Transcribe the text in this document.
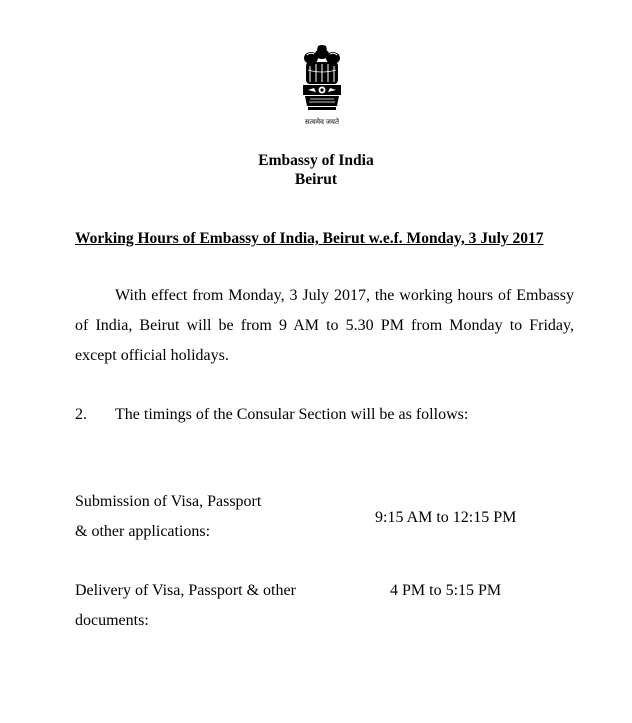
सत्यमेव जयते
Embassy of India
Beirut
Working Hours of Embassy of India, Beirut w.e.f. Monday, 3 July 2017

With effect from Monday, 3 July 2017, the working hours of Embassy of India, Beirut will be from 9 AM to 5.30 PM from Monday to Friday, except official holidays.

2. The timings of the Consular Section will be as follows:
Submission of Visa, Passport
& other applications:
9:15 AM to 12:15 PM
Delivery of Visa, Passport & other
documents:
4 PM to 5:15 PM
